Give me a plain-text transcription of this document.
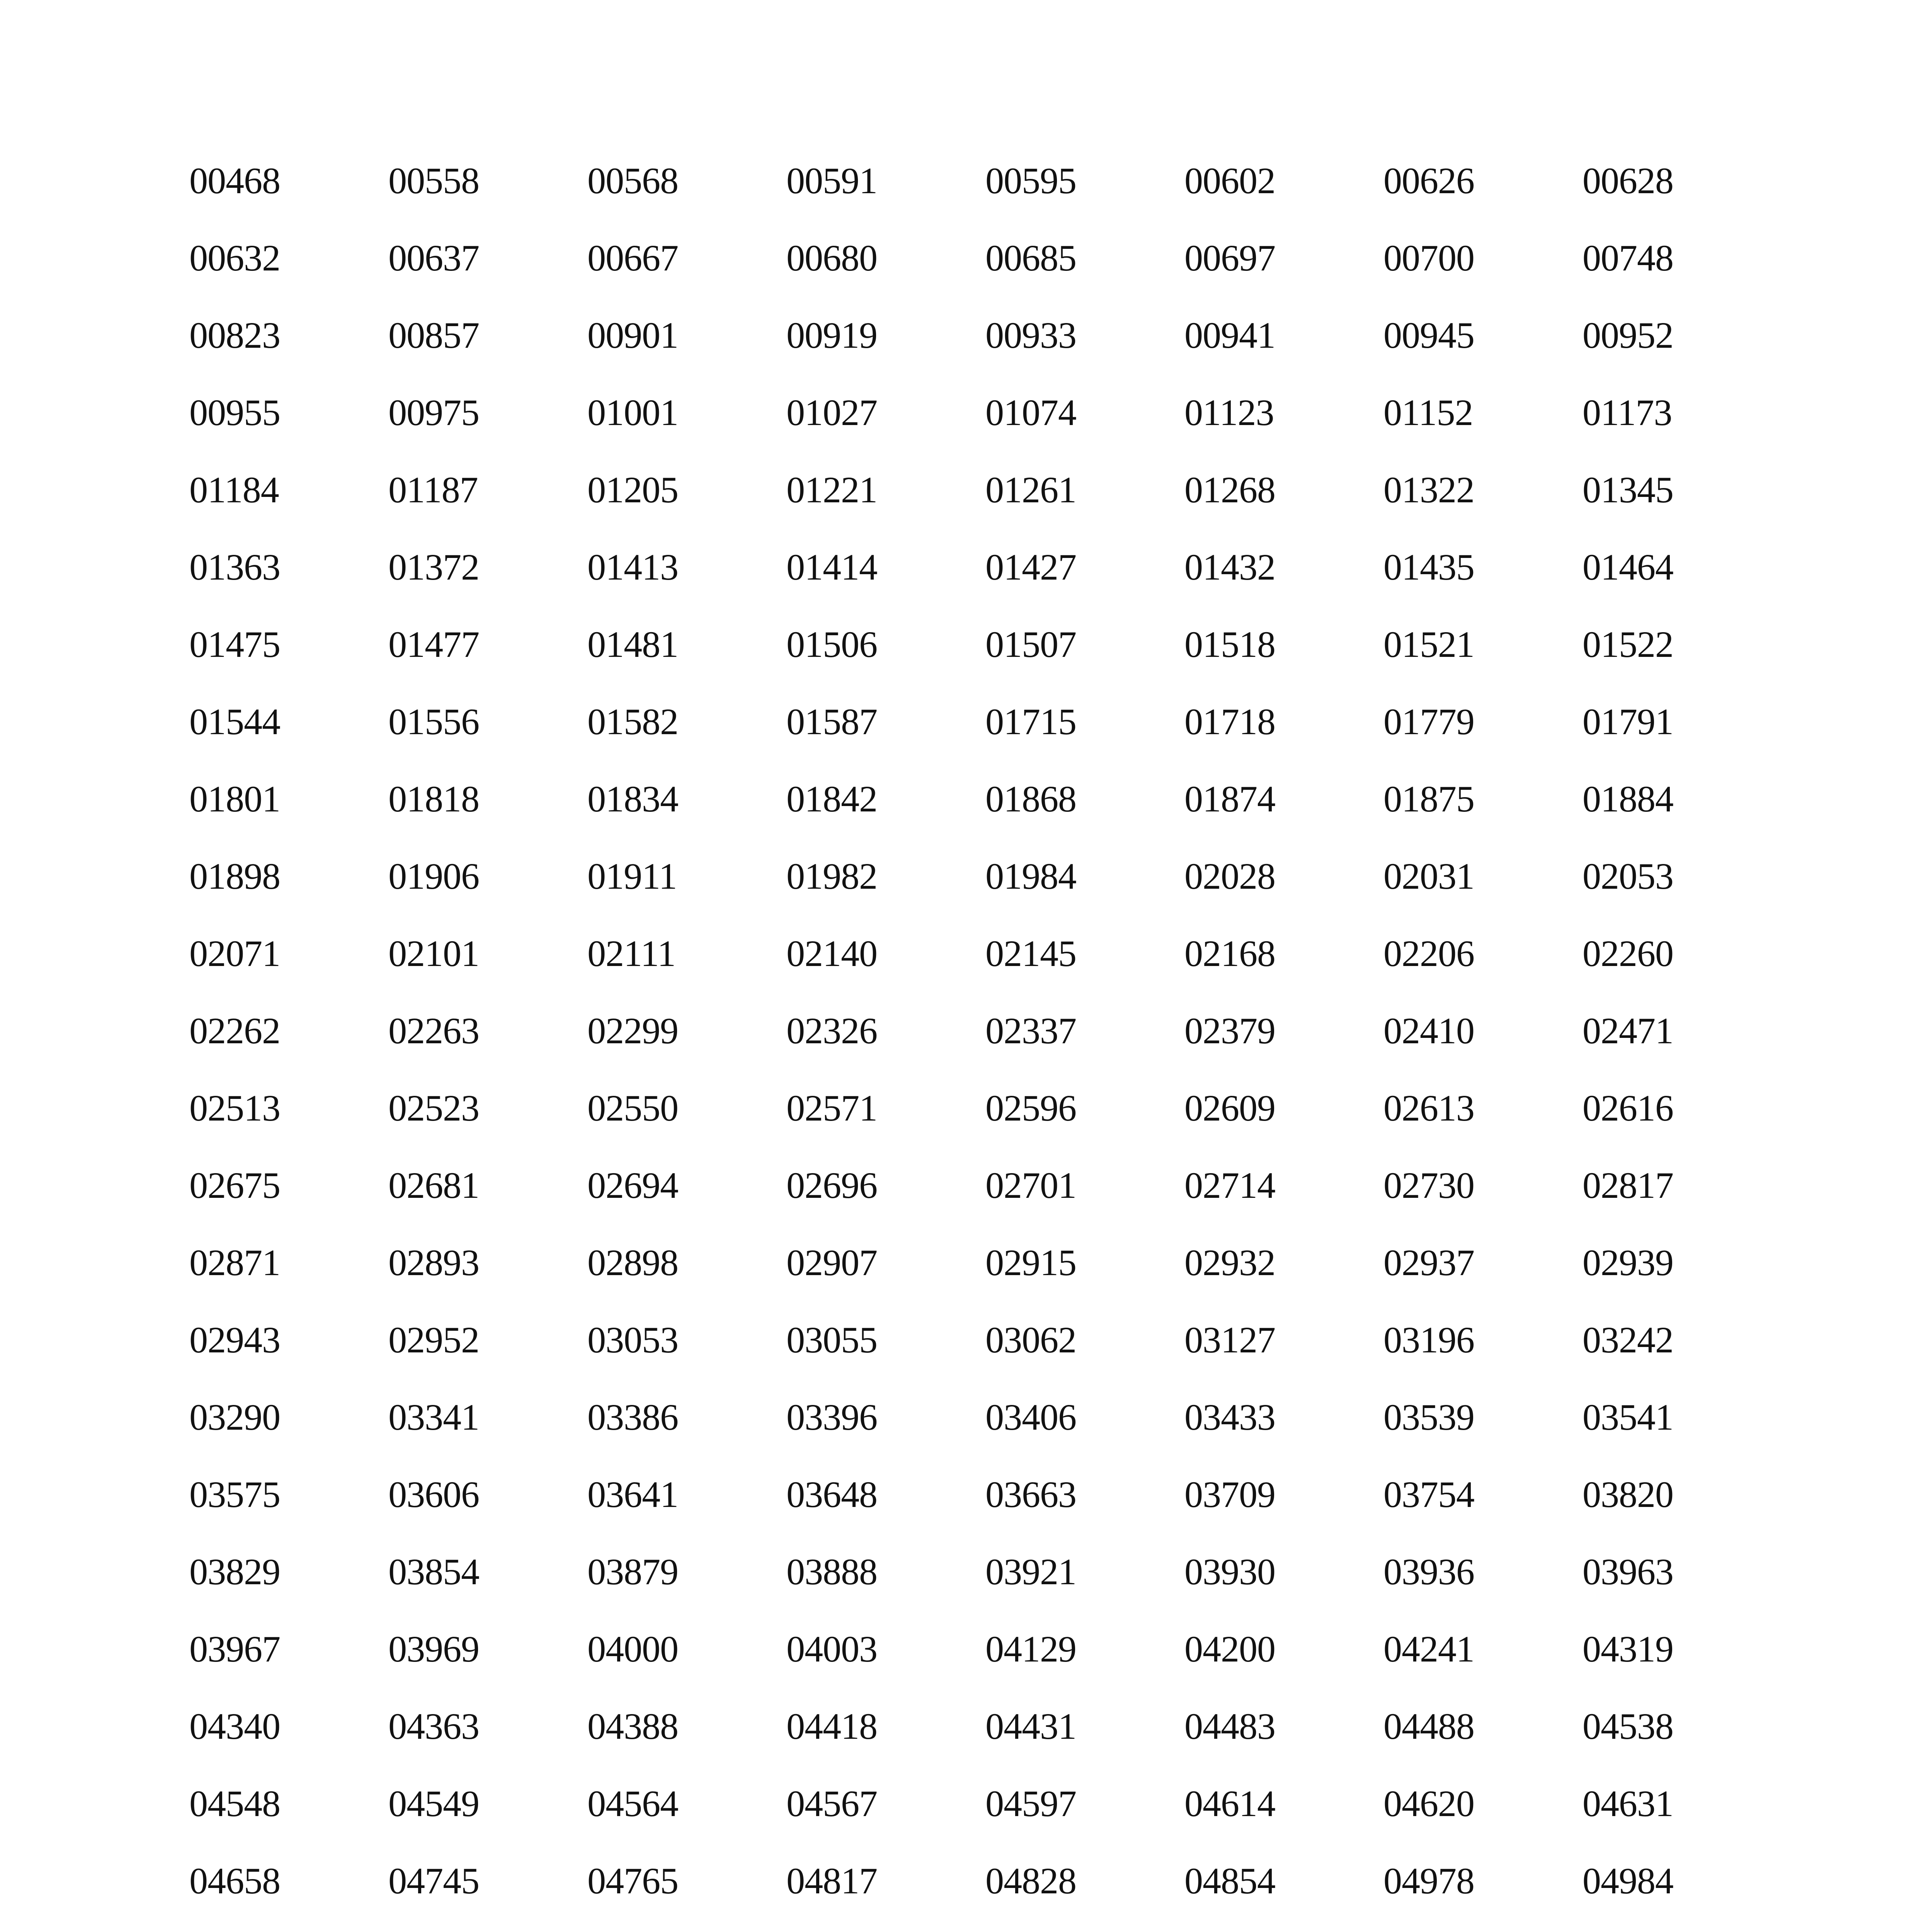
00468	00558	00568	00591	00595	00602	00626	00628
00632	00637	00667	00680	00685	00697	00700	00748
00823	00857	00901	00919	00933	00941	00945	00952
00955	00975	01001	01027	01074	01123	01152	01173
01184	01187	01205	01221	01261	01268	01322	01345
01363	01372	01413	01414	01427	01432	01435	01464
01475	01477	01481	01506	01507	01518	01521	01522
01544	01556	01582	01587	01715	01718	01779	01791
01801	01818	01834	01842	01868	01874	01875	01884
01898	01906	01911	01982	01984	02028	02031	02053
02071	02101	02111	02140	02145	02168	02206	02260
02262	02263	02299	02326	02337	02379	02410	02471
02513	02523	02550	02571	02596	02609	02613	02616
02675	02681	02694	02696	02701	02714	02730	02817
02871	02893	02898	02907	02915	02932	02937	02939
02943	02952	03053	03055	03062	03127	03196	03242
03290	03341	03386	03396	03406	03433	03539	03541
03575	03606	03641	03648	03663	03709	03754	03820
03829	03854	03879	03888	03921	03930	03936	03963
03967	03969	04000	04003	04129	04200	04241	04319
04340	04363	04388	04418	04431	04483	04488	04538
04548	04549	04564	04567	04597	04614	04620	04631
04658	04745	04765	04817	04828	04854	04978	04984
